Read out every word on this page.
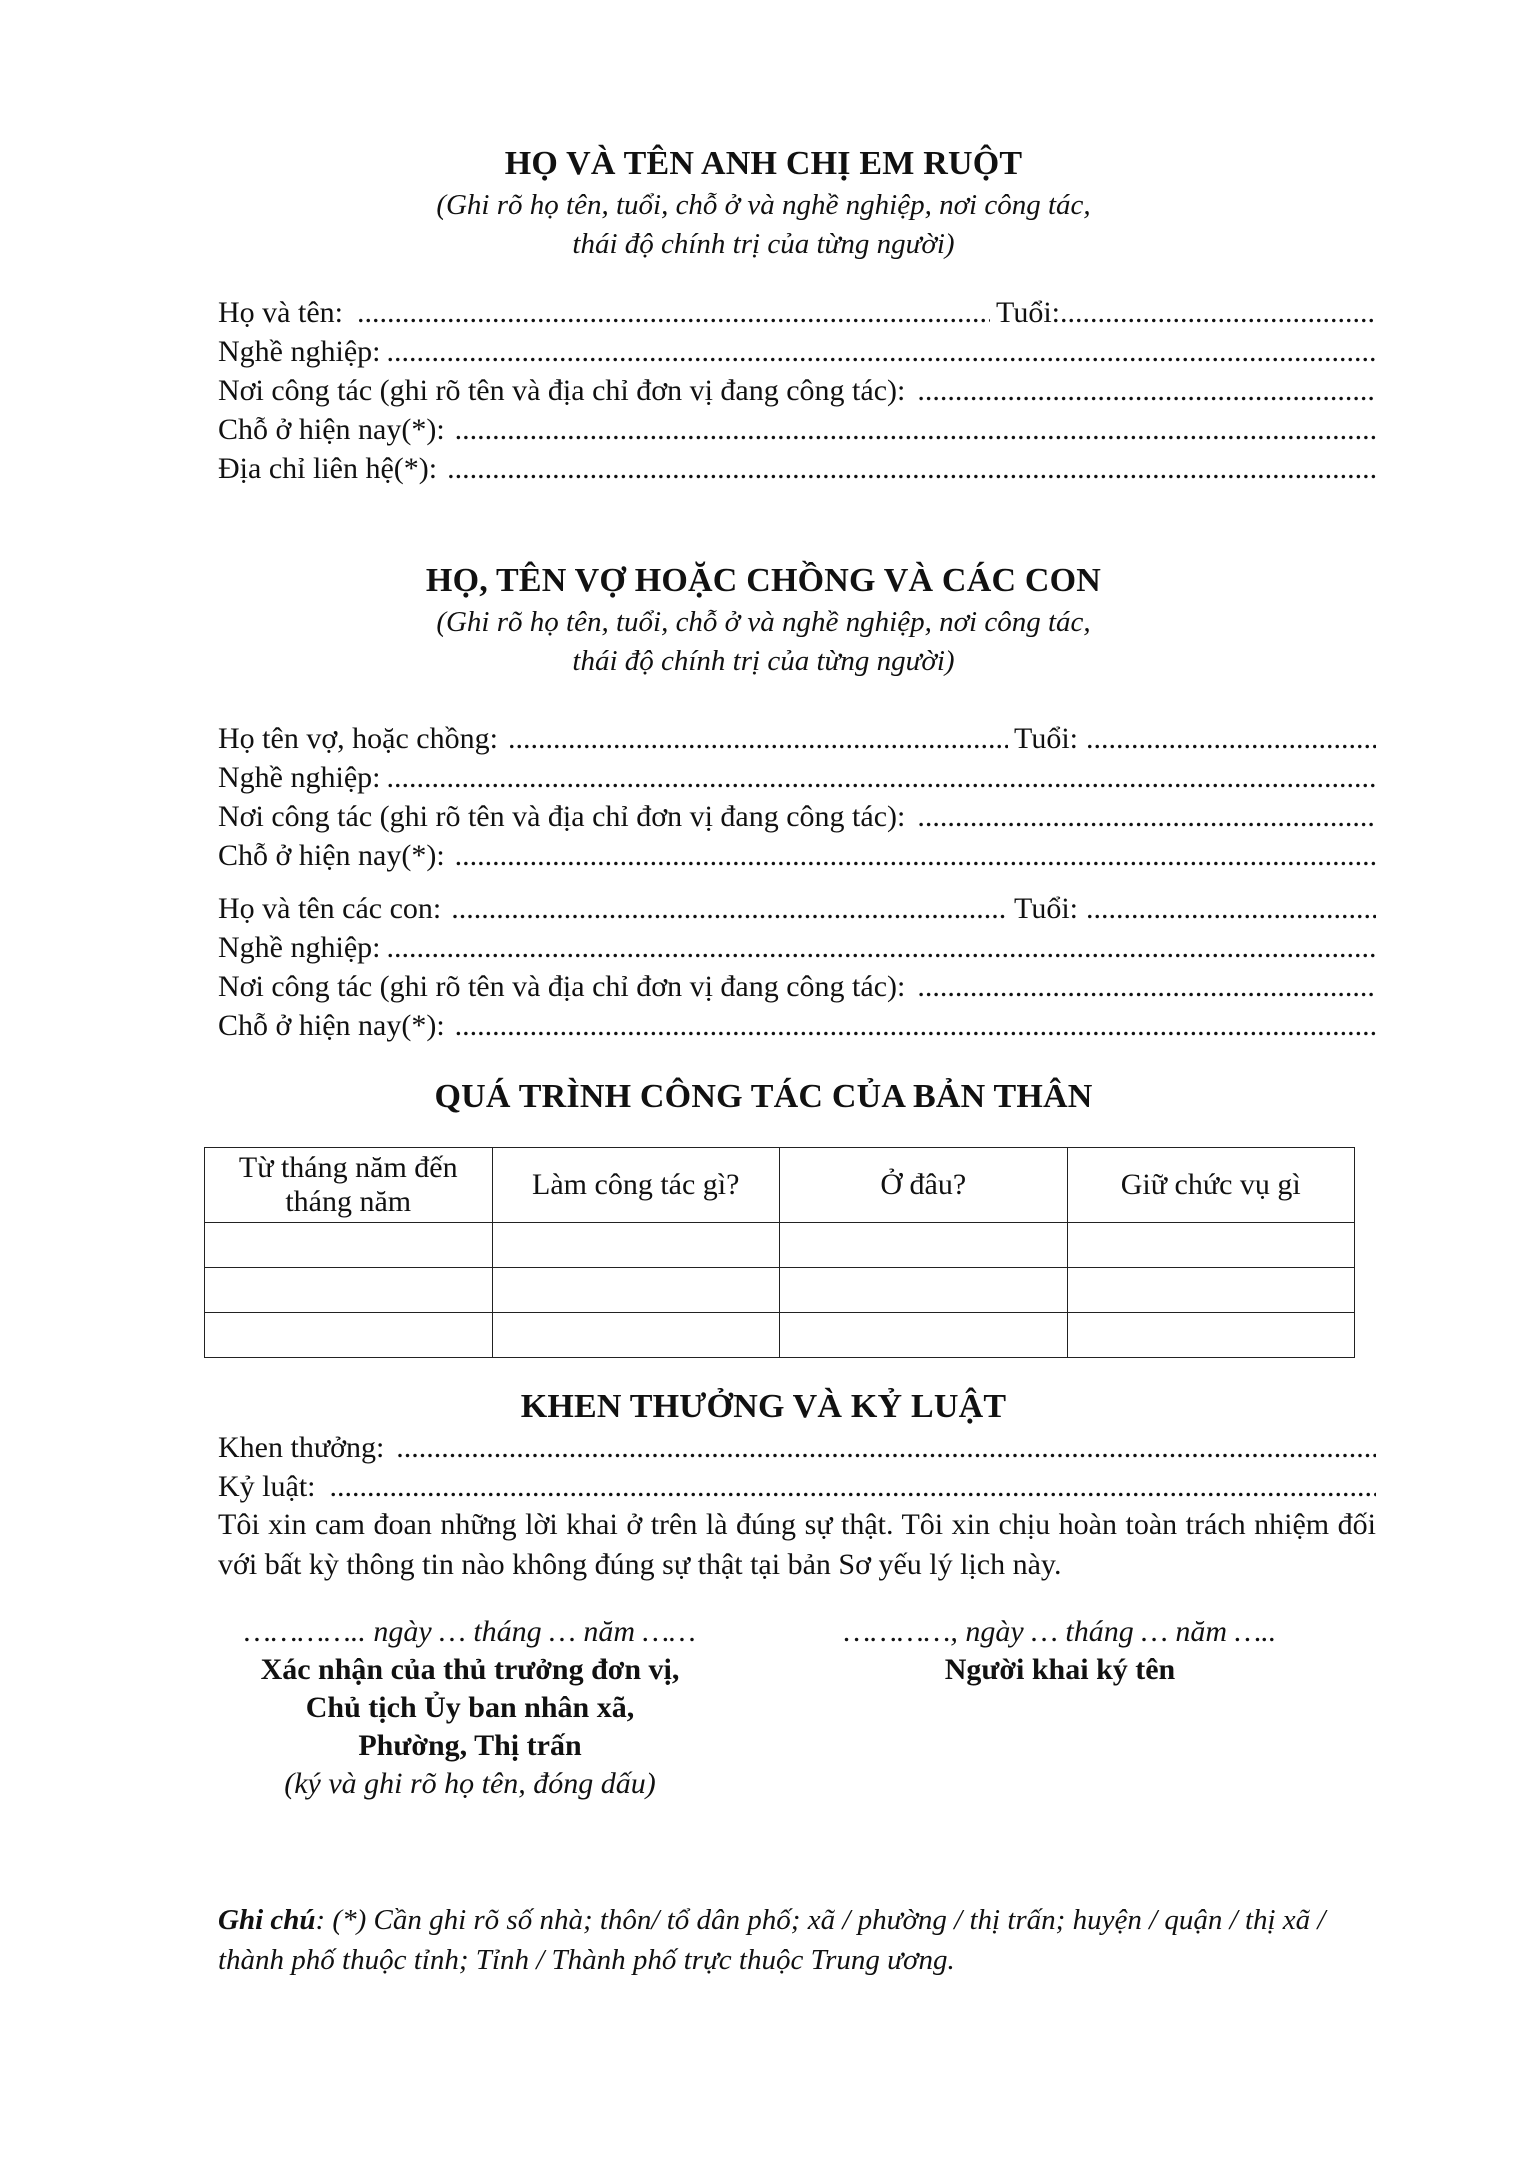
HỌ VÀ TÊN ANH CHỊ EM RUỘT
(Ghi rõ họ tên, tuổi, chỗ ở và nghề nghiệp, nơi công tác,
thái độ chính trị của từng người)
Họ và tên: .....	Tuổi:
.....
Nghề nghiệp:
.....
Nơi công tác (ghi rõ tên và địa chỉ đơn vị đang công tác):
.....
Chỗ ở hiện nay(*):
.....
Địa chỉ liên hệ(*):
.....
HỌ, TÊN VỢ HOẶC CHỒNG VÀ CÁC CON
(Ghi rõ họ tên, tuổi, chỗ ở và nghề nghiệp, nơi công tác,
thái độ chính trị của từng người)
Họ tên vợ, hoặc chồng: .....	Tuổi:
.....
Nghề nghiệp:
.....
Nơi công tác (ghi rõ tên và địa chỉ đơn vị đang công tác):
.....
Chỗ ở hiện nay(*):
.....
Họ và tên các con: .....	Tuổi:
.....
Nghề nghiệp:
.....
Nơi công tác (ghi rõ tên và địa chỉ đơn vị đang công tác):
.....
Chỗ ở hiện nay(*):
.....
QUÁ TRÌNH CÔNG TÁC CỦA BẢN THÂN
Từ tháng năm đến tháng năm	Làm công tác gì?	Ở đâu?	Giữ chức vụ gì

KHEN THƯỞNG VÀ KỶ LUẬT
Khen thưởng:
.....
Kỷ luật:
.....
Tôi xin cam đoan những lời khai ở trên là đúng sự thật. Tôi xin chịu hoàn toàn trách nhiệm đối với bất kỳ thông tin nào không đúng sự thật tại bản Sơ yếu lý lịch này.
………….. ngày … tháng … năm ……
Xác nhận của thủ trưởng đơn vị,
Chủ tịch Ủy ban nhân xã,
Phường, Thị trấn
(ký và ghi rõ họ tên, đóng dấu)
…………, ngày … tháng … năm …..
Người khai ký tên
Ghi chú: (*) Cần ghi rõ số nhà; thôn/ tổ dân phố; xã / phường / thị trấn; huyện / quận / thị xã / thành phố thuộc tỉnh; Tỉnh / Thành phố trực thuộc Trung ương.
